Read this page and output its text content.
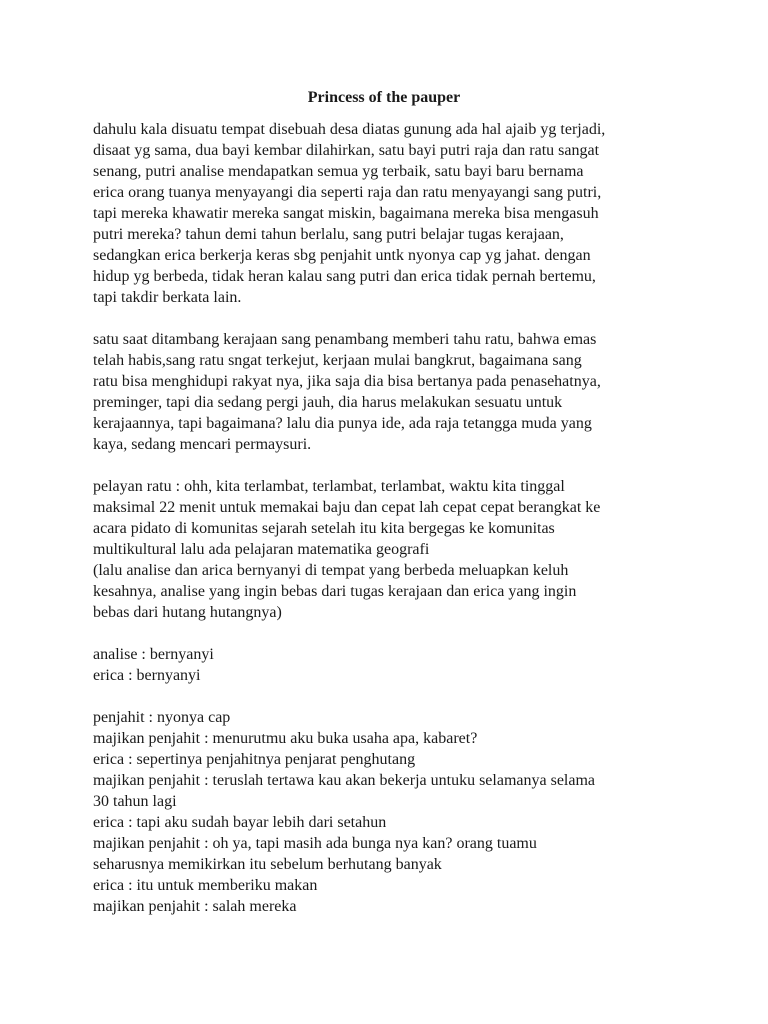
Princess of the pauper
dahulu kala disuatu tempat disebuah desa diatas gunung ada hal ajaib yg terjadi,
disaat yg sama, dua bayi kembar dilahirkan, satu bayi putri raja dan ratu sangat
senang, putri analise mendapatkan semua yg terbaik, satu bayi baru bernama
erica orang tuanya menyayangi dia seperti raja dan ratu menyayangi sang putri,
tapi mereka khawatir mereka sangat miskin, bagaimana mereka bisa mengasuh
putri mereka? tahun demi tahun berlalu, sang putri belajar tugas kerajaan,
sedangkan erica berkerja keras sbg penjahit untk nyonya cap yg jahat. dengan
hidup yg berbeda, tidak heran kalau sang putri dan erica tidak pernah bertemu,
tapi takdir berkata lain.
satu saat ditambang kerajaan sang penambang memberi tahu ratu, bahwa emas
telah habis,sang ratu sngat terkejut, kerjaan mulai bangkrut, bagaimana sang
ratu bisa menghidupi rakyat nya, jika saja dia bisa bertanya pada penasehatnya,
preminger, tapi dia sedang pergi jauh, dia harus melakukan sesuatu untuk
kerajaannya, tapi bagaimana? lalu dia punya ide, ada raja tetangga muda yang
kaya, sedang mencari permaysuri.
pelayan ratu : ohh, kita terlambat, terlambat, terlambat, waktu kita tinggal
maksimal 22 menit untuk memakai baju dan cepat lah cepat cepat berangkat ke
acara pidato di komunitas sejarah setelah itu kita bergegas ke komunitas
multikultural lalu ada pelajaran matematika geografi
(lalu analise dan arica bernyanyi di tempat yang berbeda meluapkan keluh
kesahnya, analise yang ingin bebas dari tugas kerajaan dan erica yang ingin
bebas dari hutang hutangnya)
analise : bernyanyi
erica : bernyanyi
penjahit : nyonya cap
majikan penjahit : menurutmu aku buka usaha apa, kabaret?
erica : sepertinya penjahitnya penjarat penghutang
majikan penjahit : teruslah tertawa kau akan bekerja untuku selamanya selama
30 tahun lagi
erica : tapi aku sudah bayar lebih dari setahun
majikan penjahit : oh ya, tapi masih ada bunga nya kan? orang tuamu
seharusnya memikirkan itu sebelum berhutang banyak
erica : itu untuk memberiku makan
majikan penjahit : salah mereka
